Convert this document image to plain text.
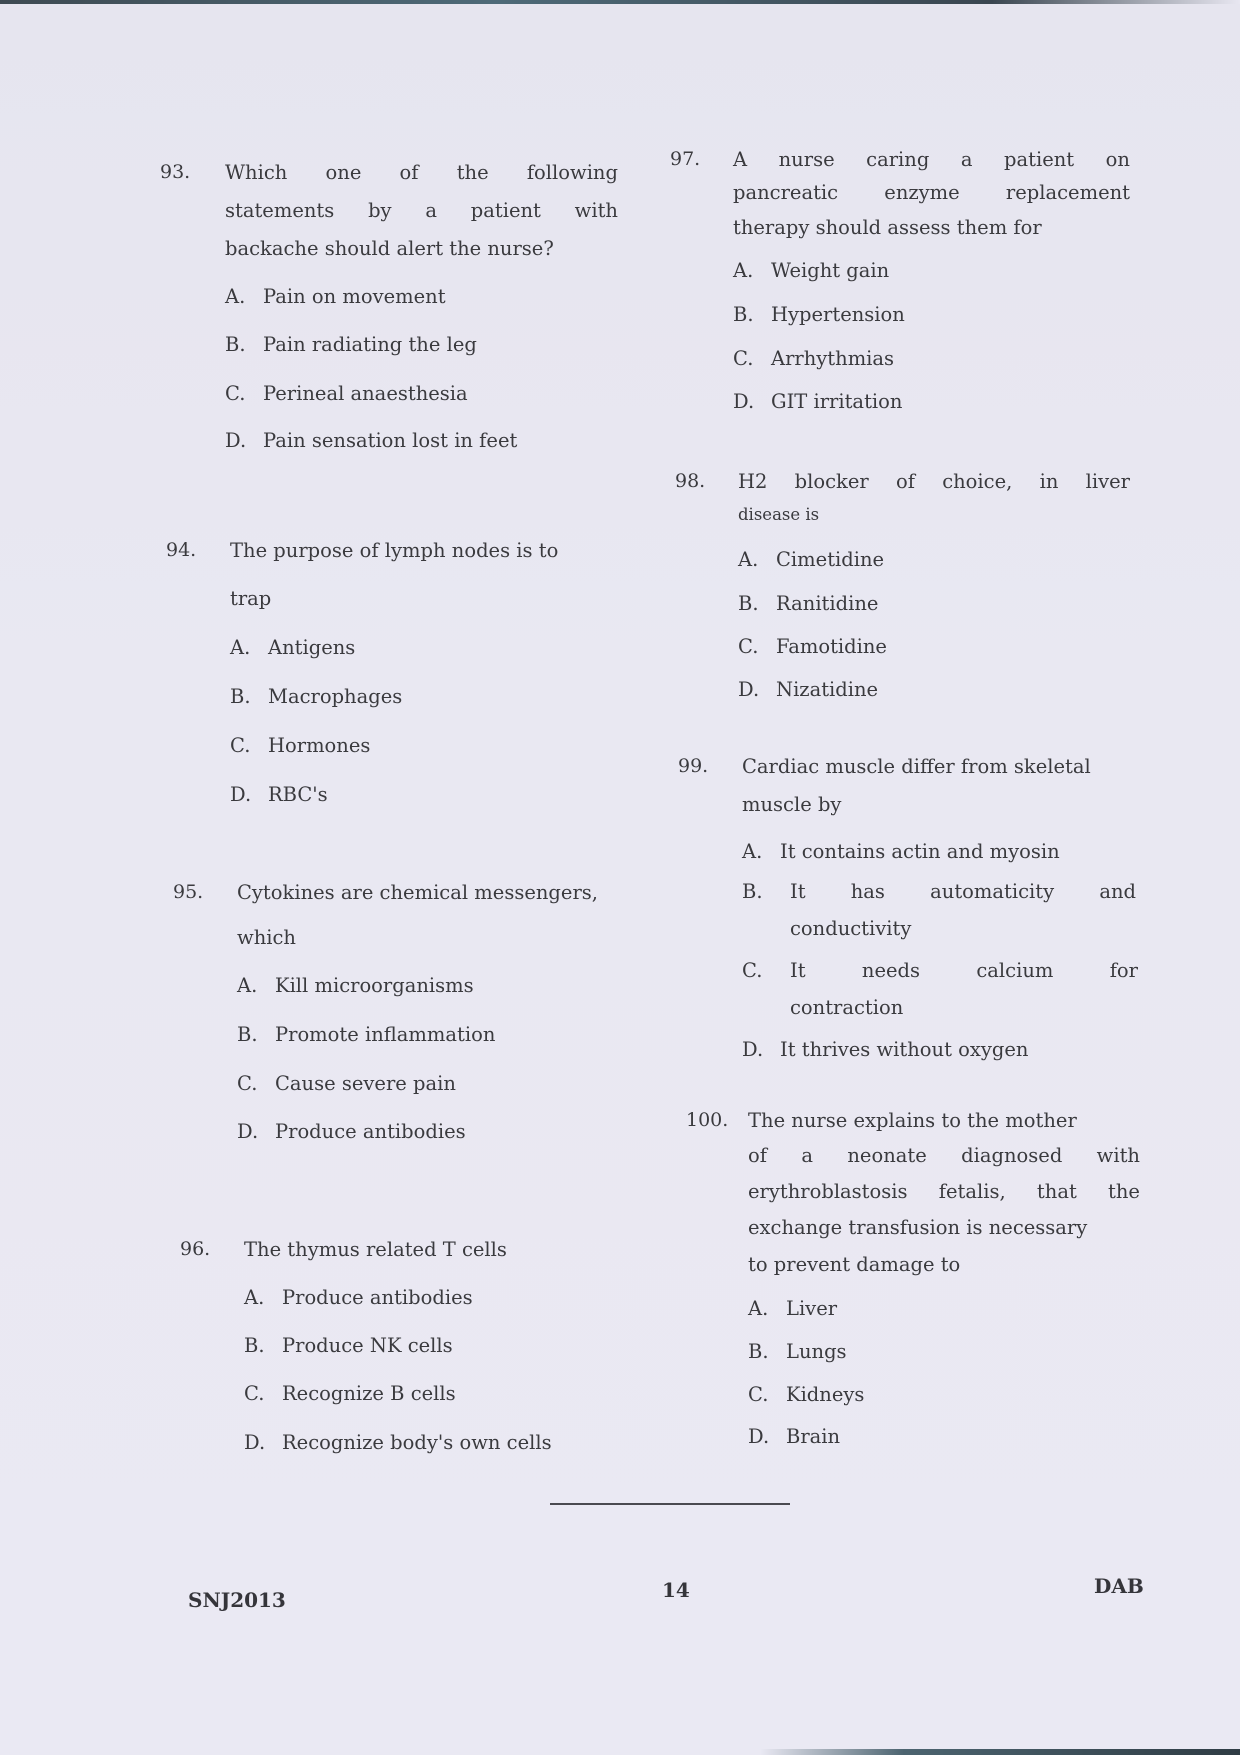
93. Which one of the following
statements by a patient with
backache should alert the nurse?
A. Pain on movement
B. Pain radiating the leg
C. Perineal anaesthesia
D. Pain sensation lost in feet
94. The purpose of lymph nodes is to
trap
A. Antigens
B. Macrophages
C. Hormones
D. RBC's
95. Cytokines are chemical messengers,
which
A. Kill microorganisms
B. Promote inflammation
C. Cause severe pain
D. Produce antibodies
96. The thymus related T cells
A. Produce antibodies
B. Produce NK cells
C. Recognize B cells
D. Recognize body's own cells
97. A nurse caring a patient on
pancreatic enzyme replacement
therapy should assess them for
A. Weight gain
B. Hypertension
C. Arrhythmias
D. GIT irritation
98. H2 blocker of choice, in liver
disease is
A. Cimetidine
B. Ranitidine
C. Famotidine
D. Nizatidine
99. Cardiac muscle differ from skeletal
muscle by
A. It contains actin and myosin
B.	It has automaticity and
conductivity
C.	It	needs	calcium	for
contraction
D. It thrives without oxygen
100. The nurse explains to the mother
of a neonate diagnosed with
erythroblastosis fetalis, that the
exchange transfusion is necessary
to prevent damage to
A. Liver
B. Lungs
C. Kidneys
D. Brain
SNJ2013	14	DAB
